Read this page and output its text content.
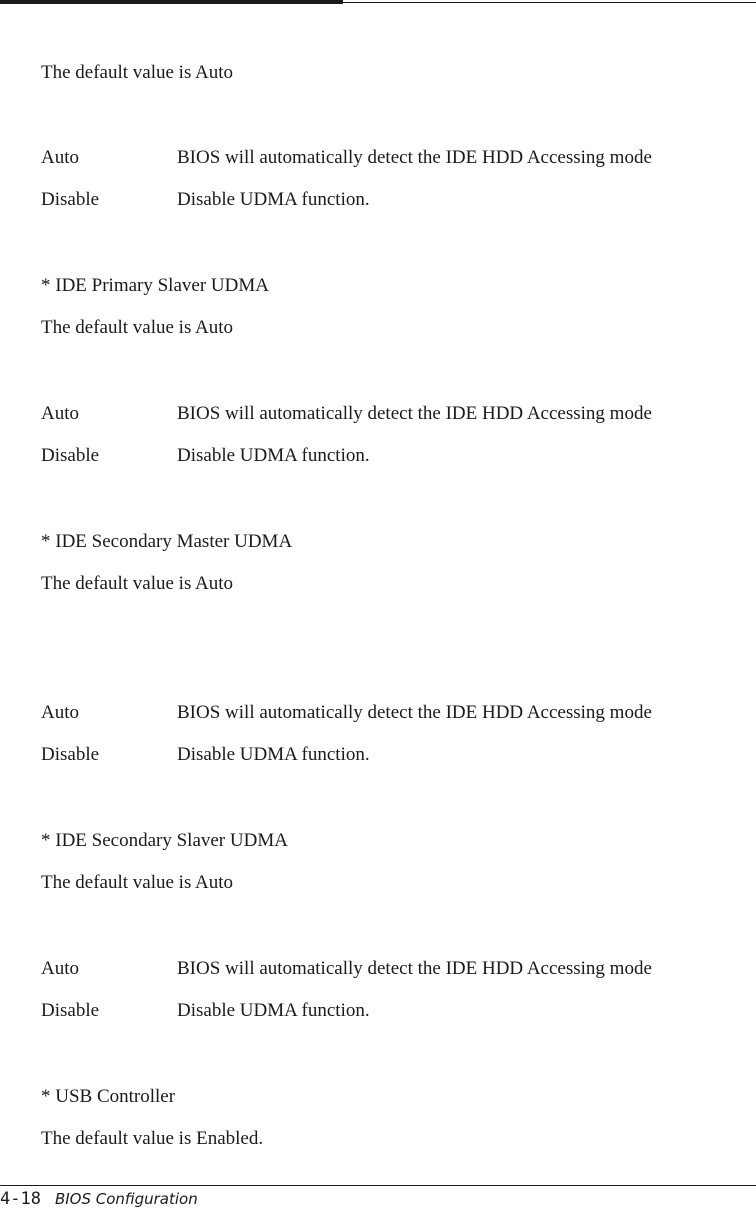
The default value is Auto
Auto	BIOS will automatically detect the IDE HDD Accessing mode
Disable	Disable UDMA function.
* IDE Primary Slaver UDMA
The default value is Auto
Auto	BIOS will automatically detect the IDE HDD Accessing mode
Disable	Disable UDMA function.
* IDE Secondary Master UDMA
The default value is Auto
Auto	BIOS will automatically detect the IDE HDD Accessing mode
Disable	Disable UDMA function.
* IDE Secondary Slaver UDMA
The default value is Auto
Auto	BIOS will automatically detect the IDE HDD Accessing mode
Disable	Disable UDMA function.
* USB Controller
The default value is Enabled.
4-18 BIOS Configuration
